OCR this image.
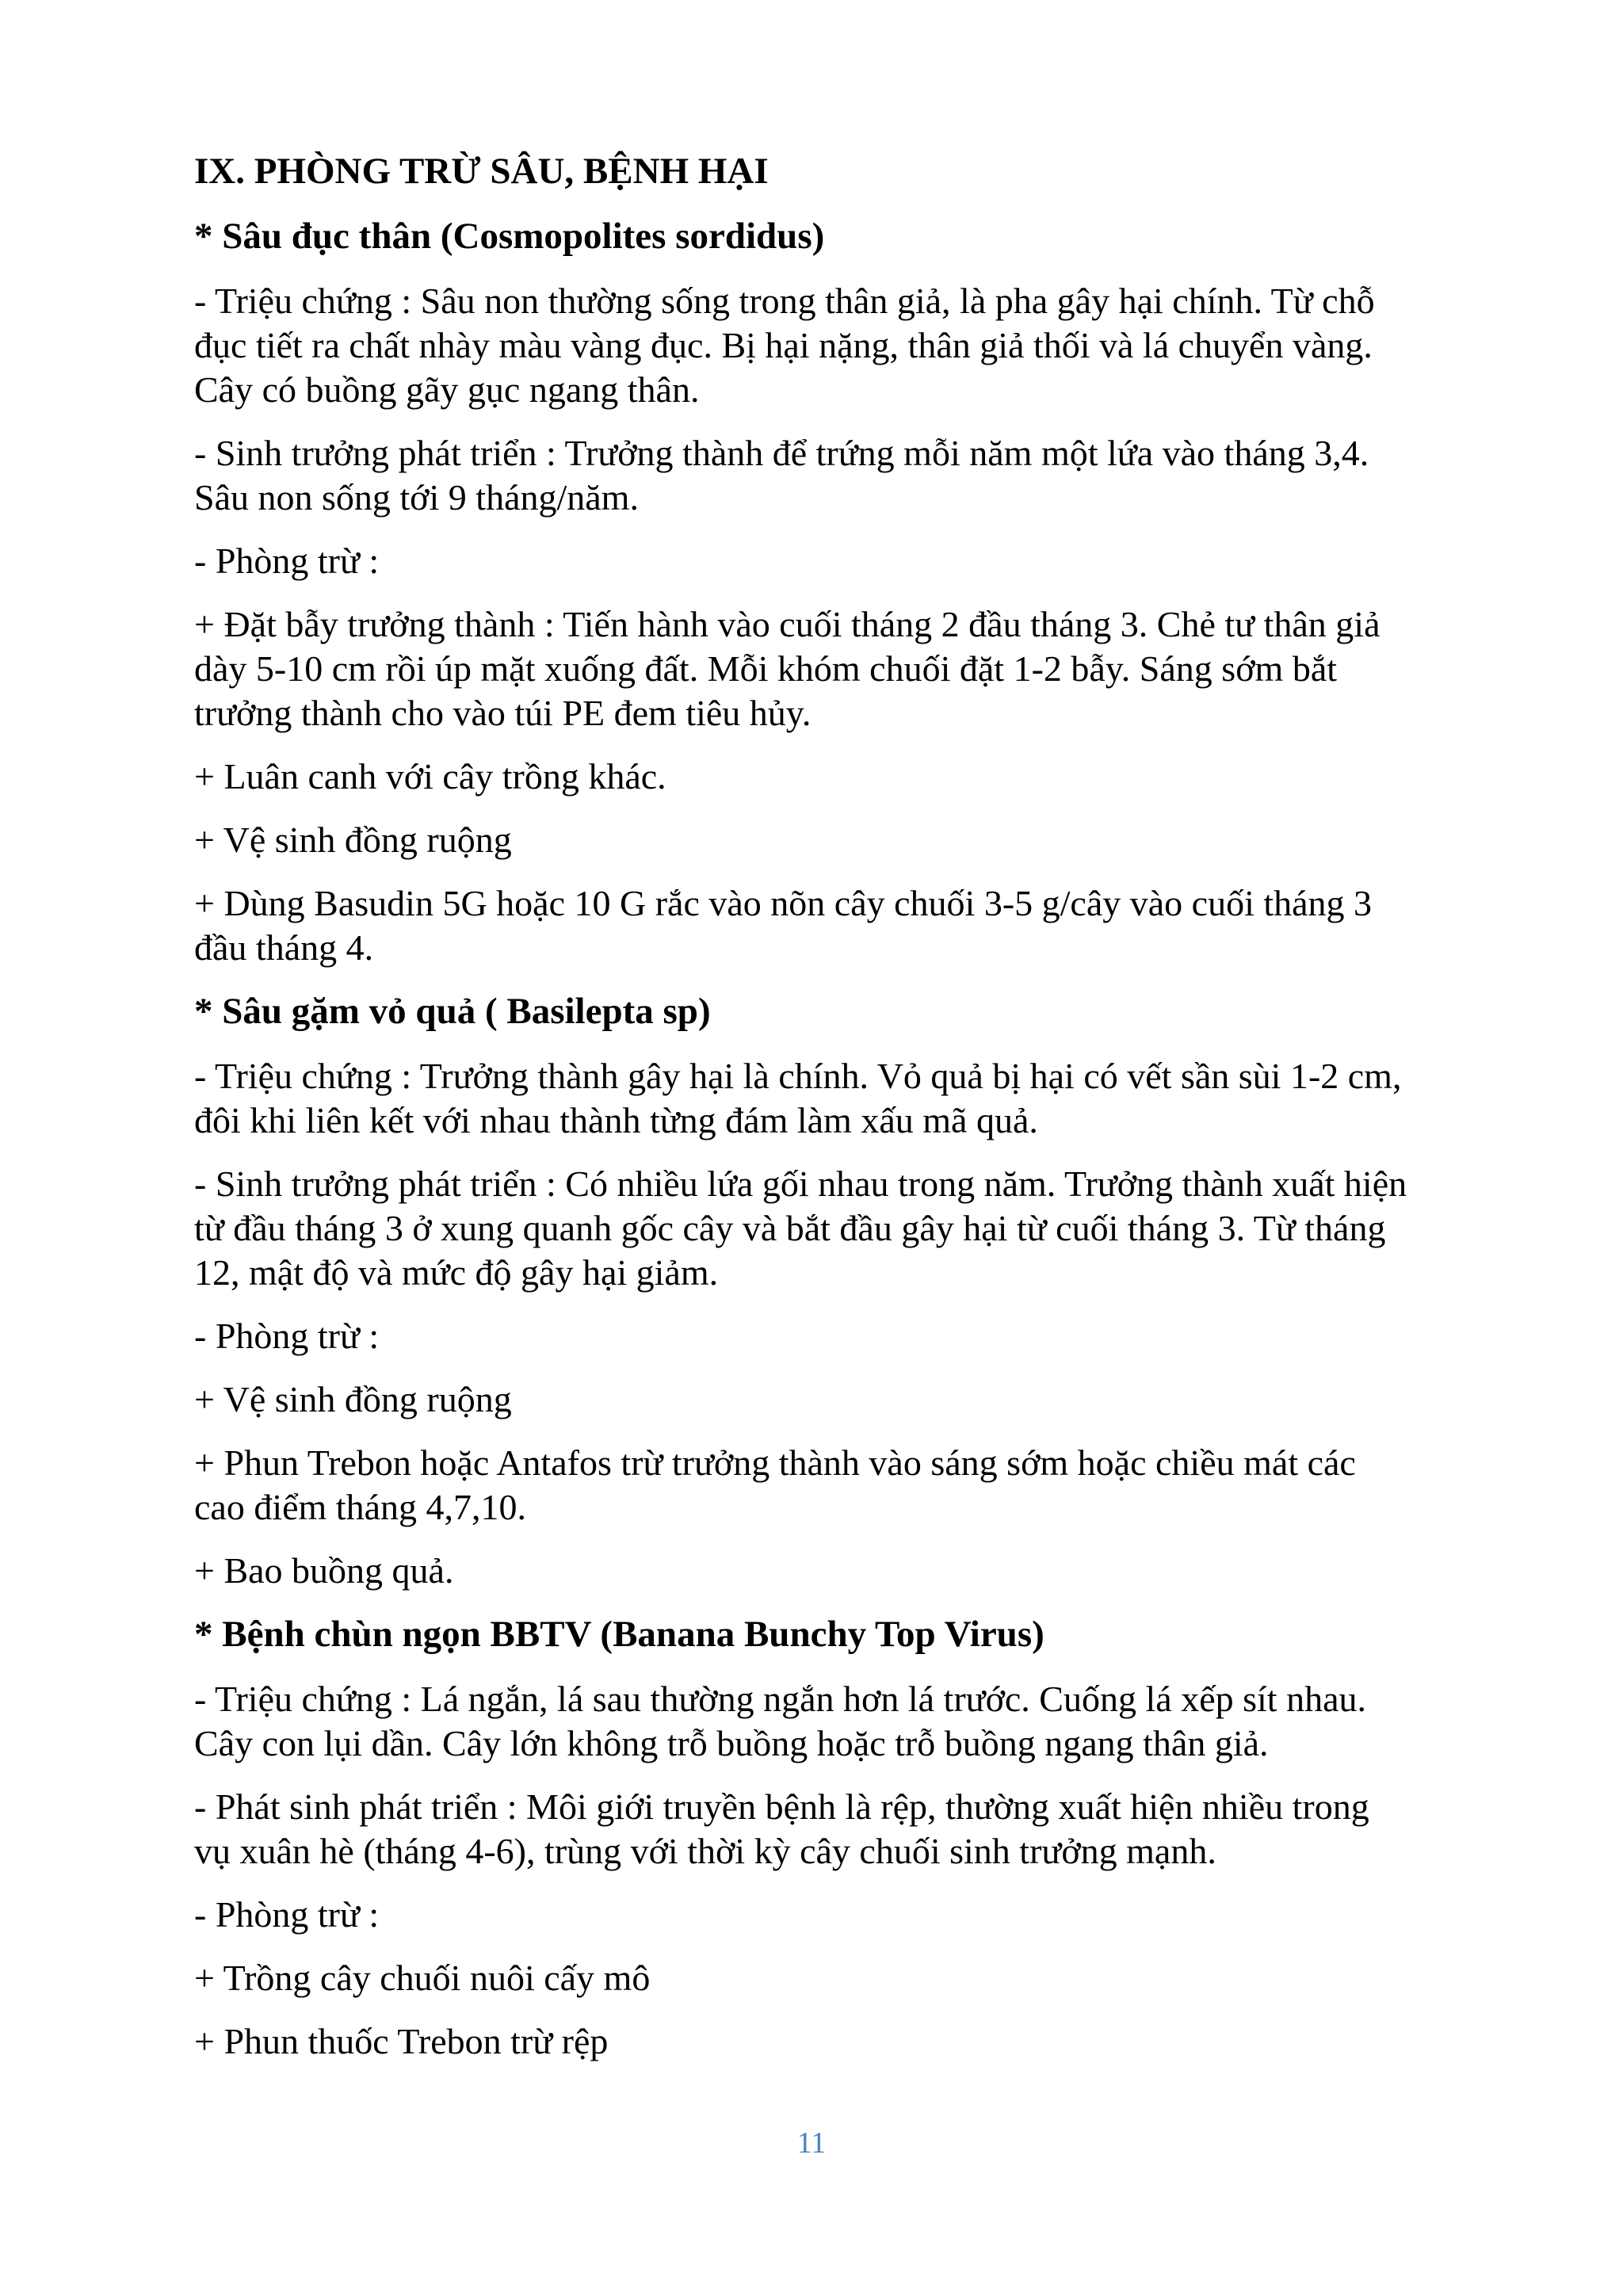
IX. PHÒNG TRỪ SÂU, BỆNH HẠI
* Sâu đục thân (Cosmopolites sordidus)
- Triệu chứng : Sâu non thường sống trong thân giả, là pha gây hại chính. Từ chỗ
đục tiết ra chất nhày màu vàng đục. Bị hại nặng, thân giả thối và lá chuyển vàng.
Cây có buồng gãy gục ngang thân.
- Sinh trưởng phát triển : Trưởng thành để trứng mỗi năm một lứa vào tháng 3,4.
Sâu non sống tới 9 tháng/năm.
- Phòng trừ :
+ Đặt bẫy trưởng thành : Tiến hành vào cuối tháng 2 đầu tháng 3. Chẻ tư thân giả
dày 5-10 cm rồi úp mặt xuống đất. Mỗi khóm chuối đặt 1-2 bẫy. Sáng sớm bắt
trưởng thành cho vào túi PE đem tiêu hủy.
+ Luân canh với cây trồng khác.
+ Vệ sinh đồng ruộng
+ Dùng Basudin 5G hoặc 10 G rắc vào nõn cây chuối 3-5 g/cây vào cuối tháng 3
đầu tháng 4.
* Sâu gặm vỏ quả ( Basilepta sp)
- Triệu chứng : Trưởng thành gây hại là chính. Vỏ quả bị hại có vết sần sùi 1-2 cm,
đôi khi liên kết với nhau thành từng đám làm xấu mã quả.
- Sinh trưởng phát triển : Có nhiều lứa gối nhau trong năm. Trưởng thành xuất hiện
từ đầu tháng 3 ở xung quanh gốc cây và bắt đầu gây hại từ cuối tháng 3. Từ tháng
12, mật độ và mức độ gây hại giảm.
- Phòng trừ :
+ Vệ sinh đồng ruộng
+ Phun Trebon hoặc Antafos trừ trưởng thành vào sáng sớm hoặc chiều mát các
cao điểm tháng 4,7,10.
+ Bao buồng quả.
* Bệnh chùn ngọn BBTV (Banana Bunchy Top Virus)
- Triệu chứng : Lá ngắn, lá sau thường ngắn hơn lá trước. Cuống lá xếp sít nhau.
Cây con lụi dần. Cây lớn không trỗ buồng hoặc trỗ buồng ngang thân giả.
- Phát sinh phát triển : Môi giới truyền bệnh là rệp, thường xuất hiện nhiều trong
vụ xuân hè (tháng 4-6), trùng với thời kỳ cây chuối sinh trưởng mạnh.
- Phòng trừ :
+ Trồng cây chuối nuôi cấy mô
+ Phun thuốc Trebon trừ rệp
11
